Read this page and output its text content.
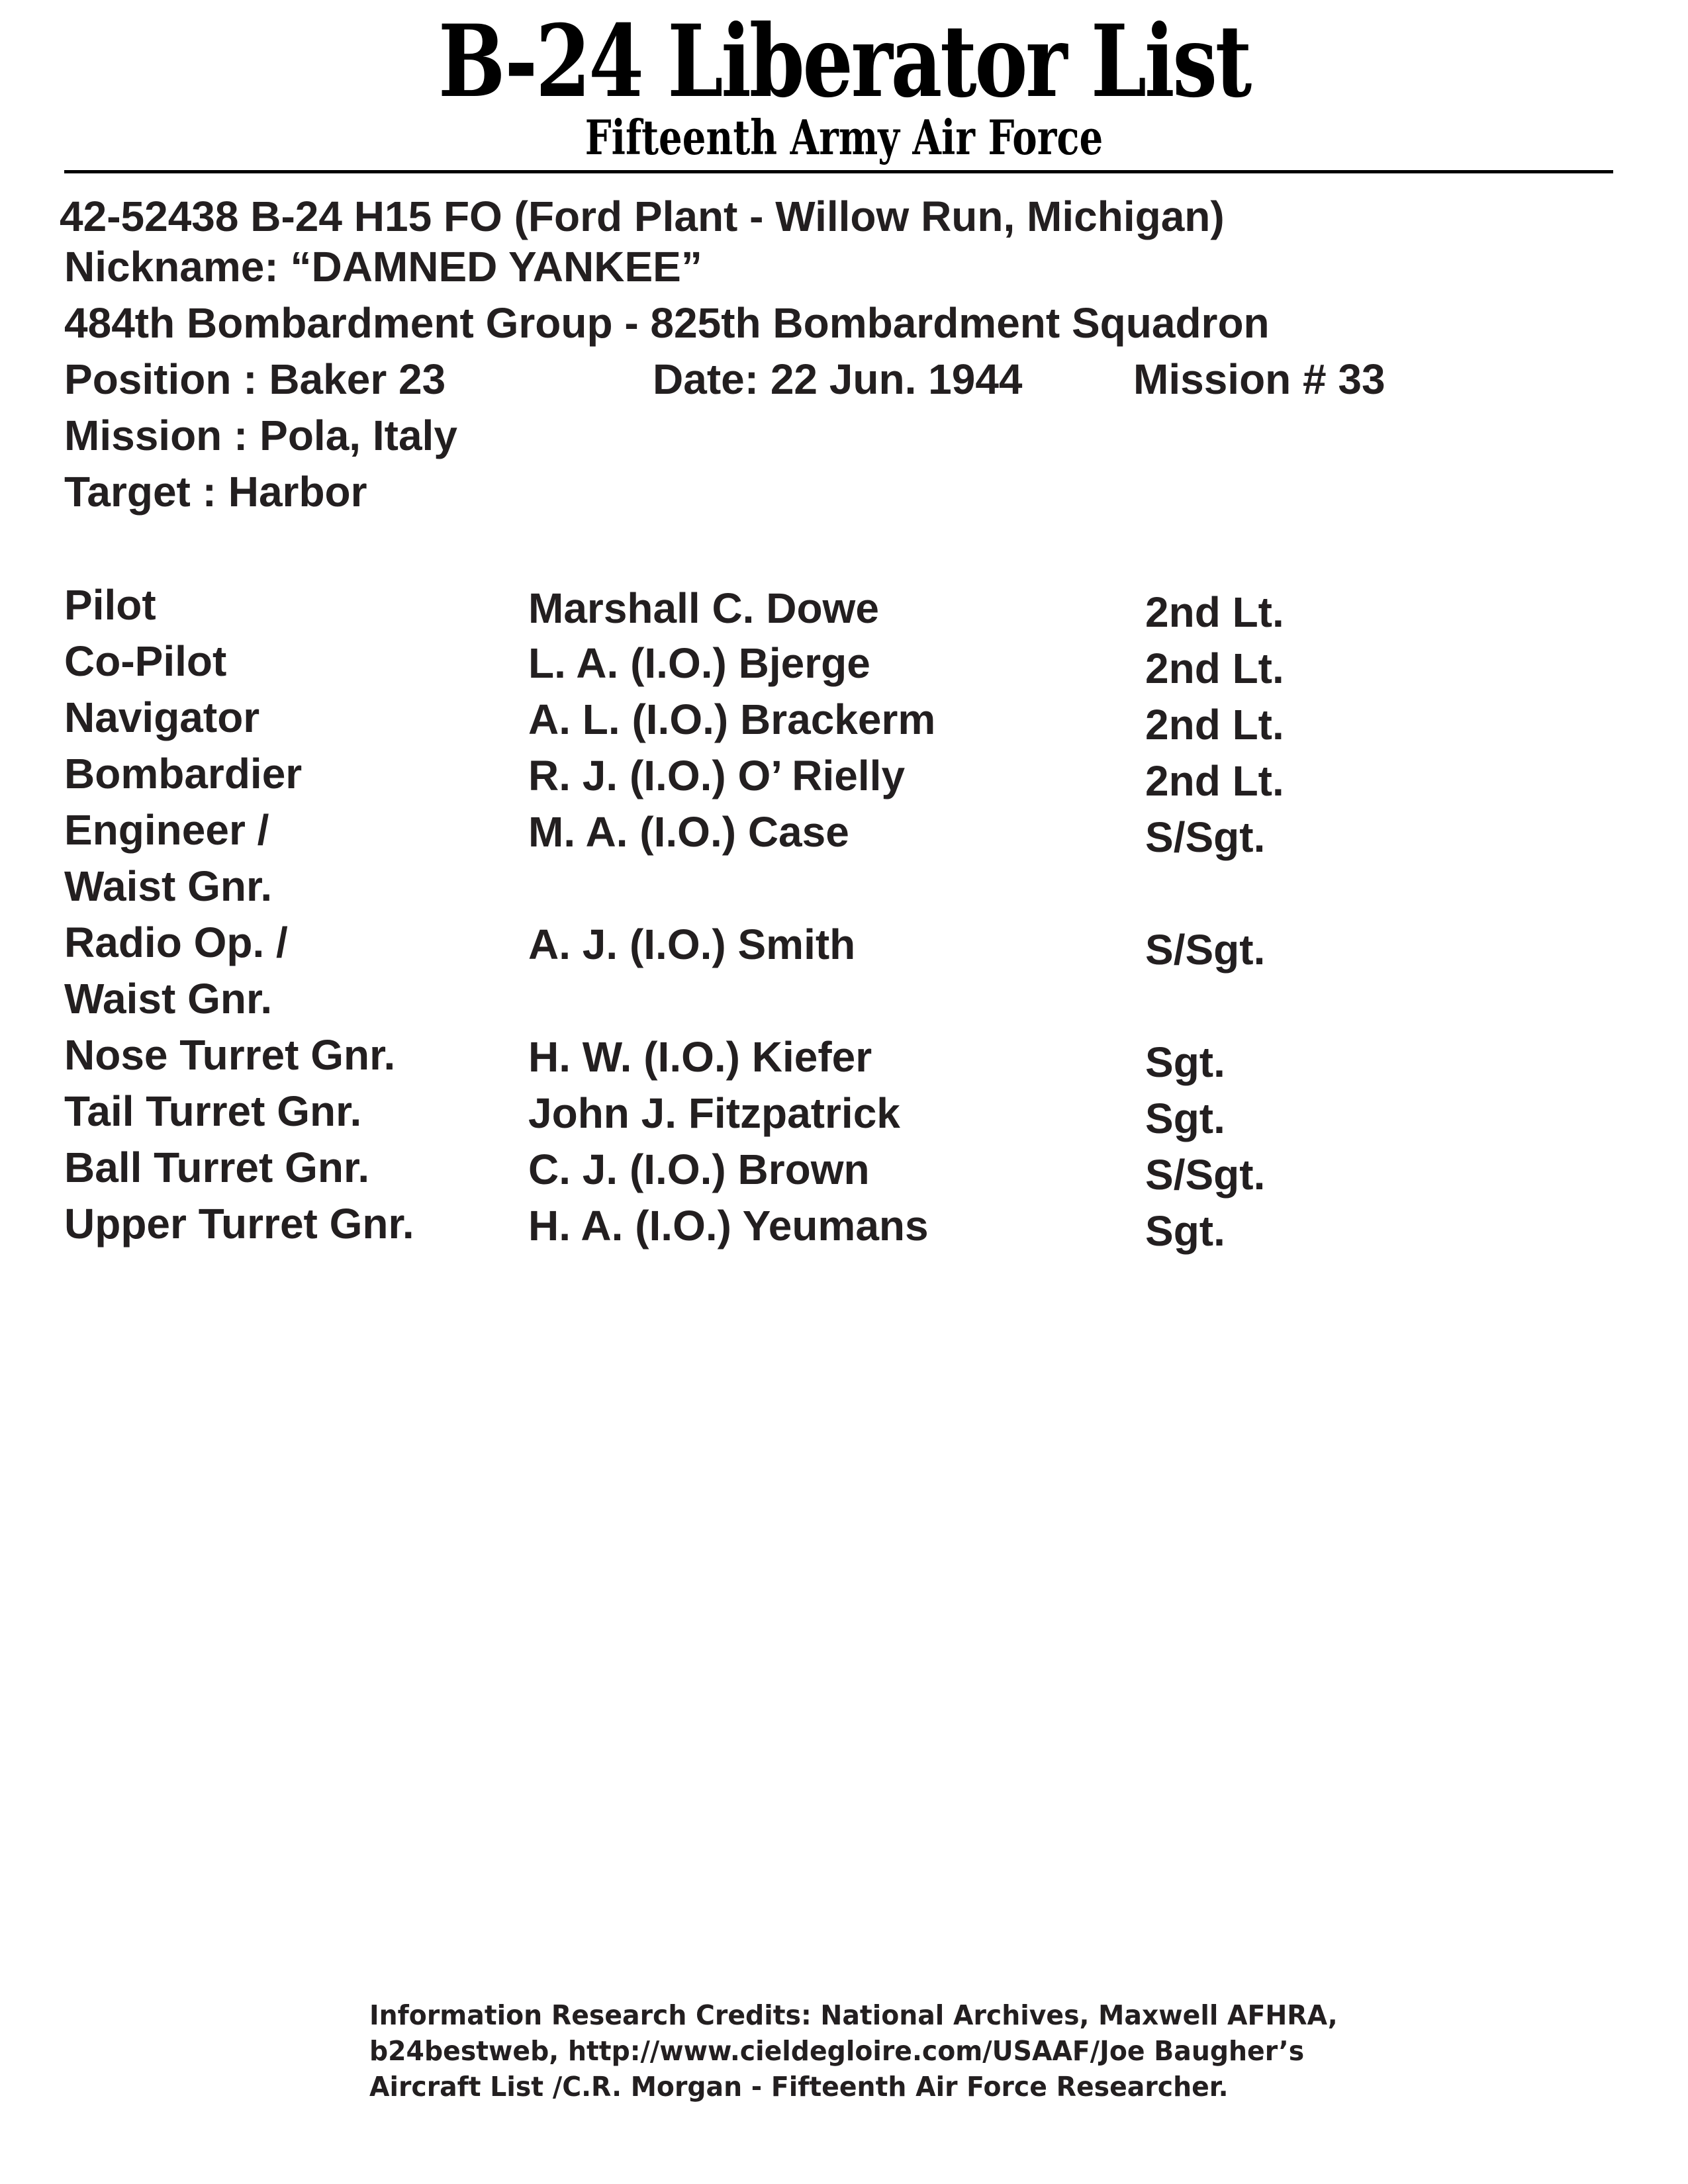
B-24 Liberator List
Fifteenth Army Air Force
42-52438 B-24 H15 FO (Ford Plant - Willow Run, Michigan)
Nickname: “DAMNED YANKEE”
484th Bombardment Group - 825th Bombardment Squadron
Position : Baker 23	Date: 22 Jun. 1944	Mission # 33
Mission : Pola, Italy
Target : Harbor
Pilot	Marshall C. Dowe	2nd Lt.
Co-Pilot	L. A. (I.O.) Bjerge	2nd Lt.
Navigator	A. L. (I.O.) Brackerm	2nd Lt.
Bombardier	R. J. (I.O.) O’ Rielly	2nd Lt.
Engineer /
Waist Gnr.
M. A. (I.O.) Case	S/Sgt.
Radio Op. /
Waist Gnr.
A. J. (I.O.) Smith	S/Sgt.
Nose Turret Gnr.	H. W. (I.O.) Kiefer	Sgt.
Tail Turret Gnr.	John J. Fitzpatrick	Sgt.
Ball Turret Gnr.	C. J. (I.O.) Brown	S/Sgt.
Upper Turret Gnr.	H. A. (I.O.) Yeumans	Sgt.
Information Research Credits: National Archives, Maxwell AFHRA,
b24bestweb, http://www.cieldegloire.com/USAAF/Joe Baugher’s
Aircraft List /C.R. Morgan - Fifteenth Air Force Researcher.
